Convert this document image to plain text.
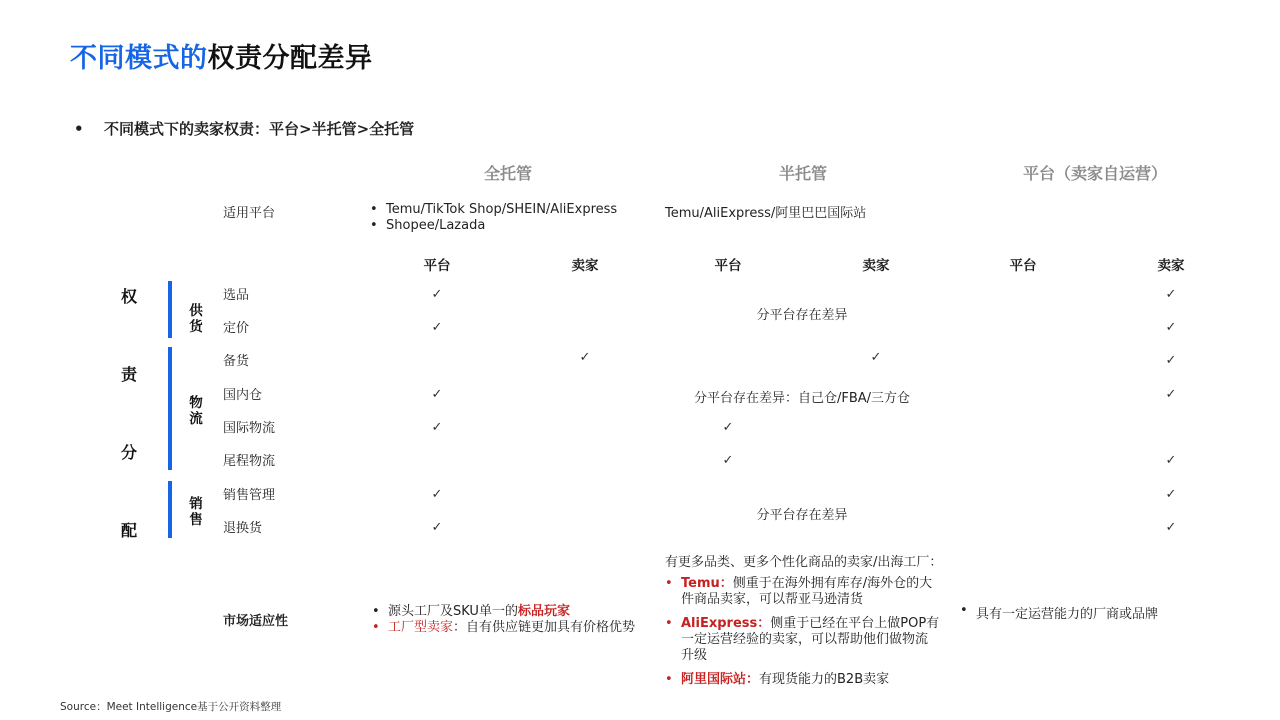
不同模式的权责分配差异
• 不同模式下的卖家权责：平台>半托管>全托管
全托管	半托管	平台（卖家自运营）
适用平台
•	Temu/TikTok Shop/SHEIN/AliExpress
• Shopee/Lazada
Temu/AliExpress/阿里巴巴国际站
平台	卖家	平台	卖家	平台	卖家
权
责
分
配
供货
物流
销售
选品
定价
备货
国内仓
国际物流
尾程物流
销售管理
退换货
✓
✓
✓
✓
✓
✓
✓	✓
✓
✓
✓
✓
✓
✓
✓
✓
✓
分平台存在差异
分平台存在差异：自己仓/FBA/三方仓
分平台存在差异
市场适应性
• 源头工厂及SKU单一的标品玩家
• 工厂型卖家：自有供应链更加具有价格优势
有更多品类、更多个性化商品的卖家/出海工厂：
• Temu：侧重于在海外拥有库存/海外仓的大
件商品卖家，可以帮亚马逊清货
• AliExpress：侧重于已经在平台上做POP有
一定运营经验的卖家，可以帮助他们做物流
升级
• 阿里国际站：有现货能力的B2B卖家
• 具有一定运营能力的厂商或品牌
Source：Meet Intelligence基于公开资料整理
